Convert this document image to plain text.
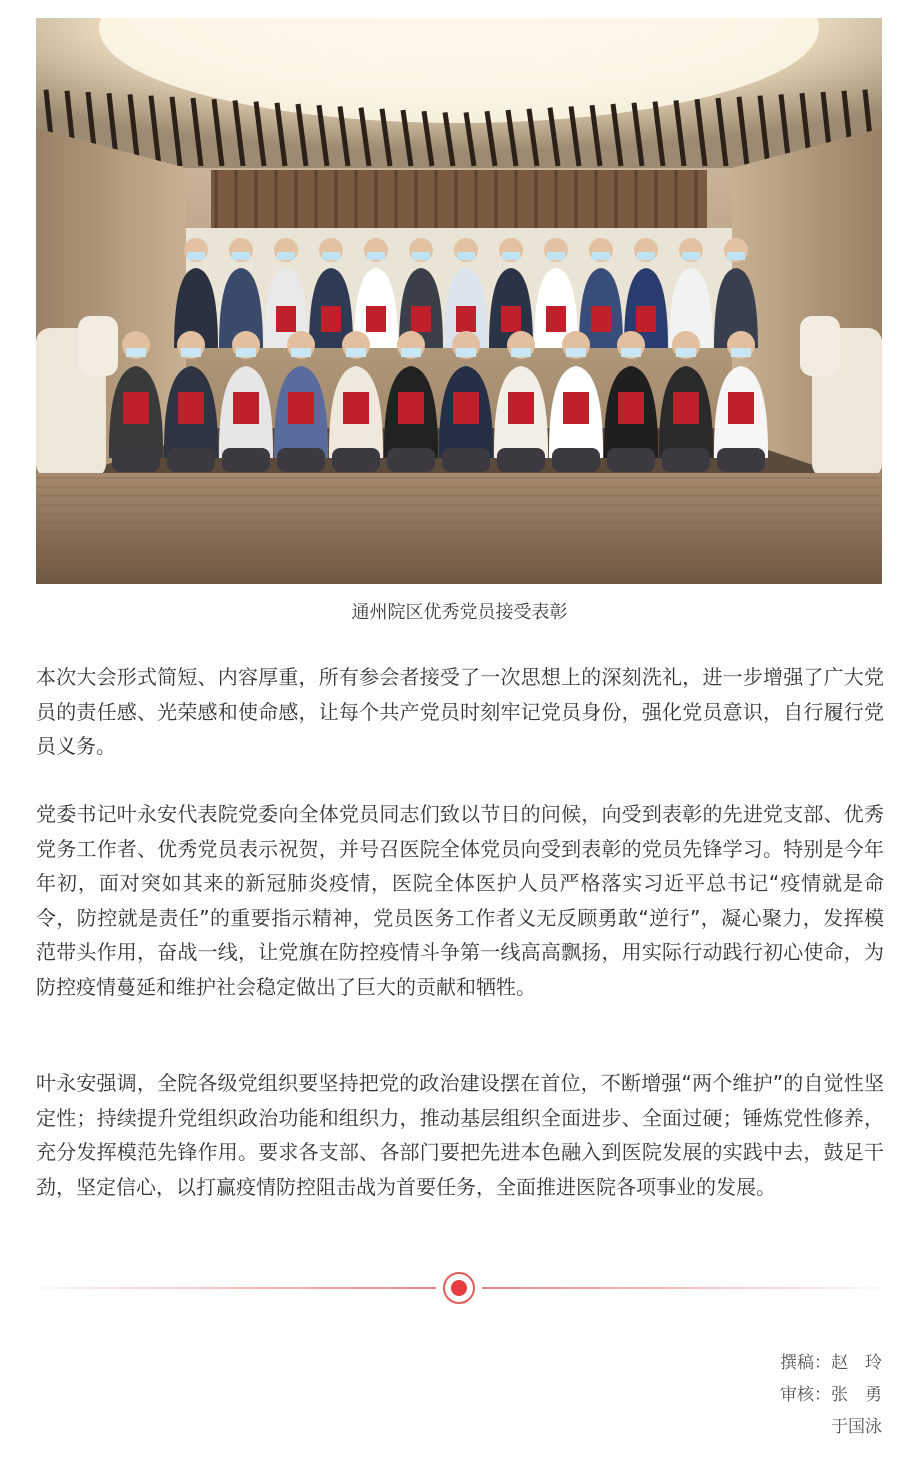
通州院区优秀党员接受表彰

本次大会形式简短、内容厚重，所有参会者接受了一次思想上的深刻洗礼，进一步增强了广大党员的责任感、光荣感和使命感，让每个共产党员时刻牢记党员身份，强化党员意识，自行履行党员义务。

党委书记叶永安代表院党委向全体党员同志们致以节日的问候，向受到表彰的先进党支部、优秀党务工作者、优秀党员表示祝贺，并号召医院全体党员向受到表彰的党员先锋学习。特别是今年年初，面对突如其来的新冠肺炎疫情，医院全体医护人员严格落实习近平总书记“疫情就是命令，防控就是责任”的重要指示精神，党员医务工作者义无反顾勇敢“逆行”，凝心聚力，发挥模范带头作用，奋战一线，让党旗在防控疫情斗争第一线高高飘扬，用实际行动践行初心使命，为防控疫情蔓延和维护社会稳定做出了巨大的贡献和牺牲。

叶永安强调，全院各级党组织要坚持把党的政治建设摆在首位，不断增强“两个维护”的自觉性坚定性；持续提升党组织政治功能和组织力，推动基层组织全面进步、全面过硬；锤炼党性修养，充分发挥模范先锋作用。要求各支部、各部门要把先进本色融入到医院发展的实践中去，鼓足干劲，坚定信心，以打赢疫情防控阻击战为首要任务，全面推进医院各项事业的发展。

撰稿：赵　玲
审核：张　勇
于国泳
